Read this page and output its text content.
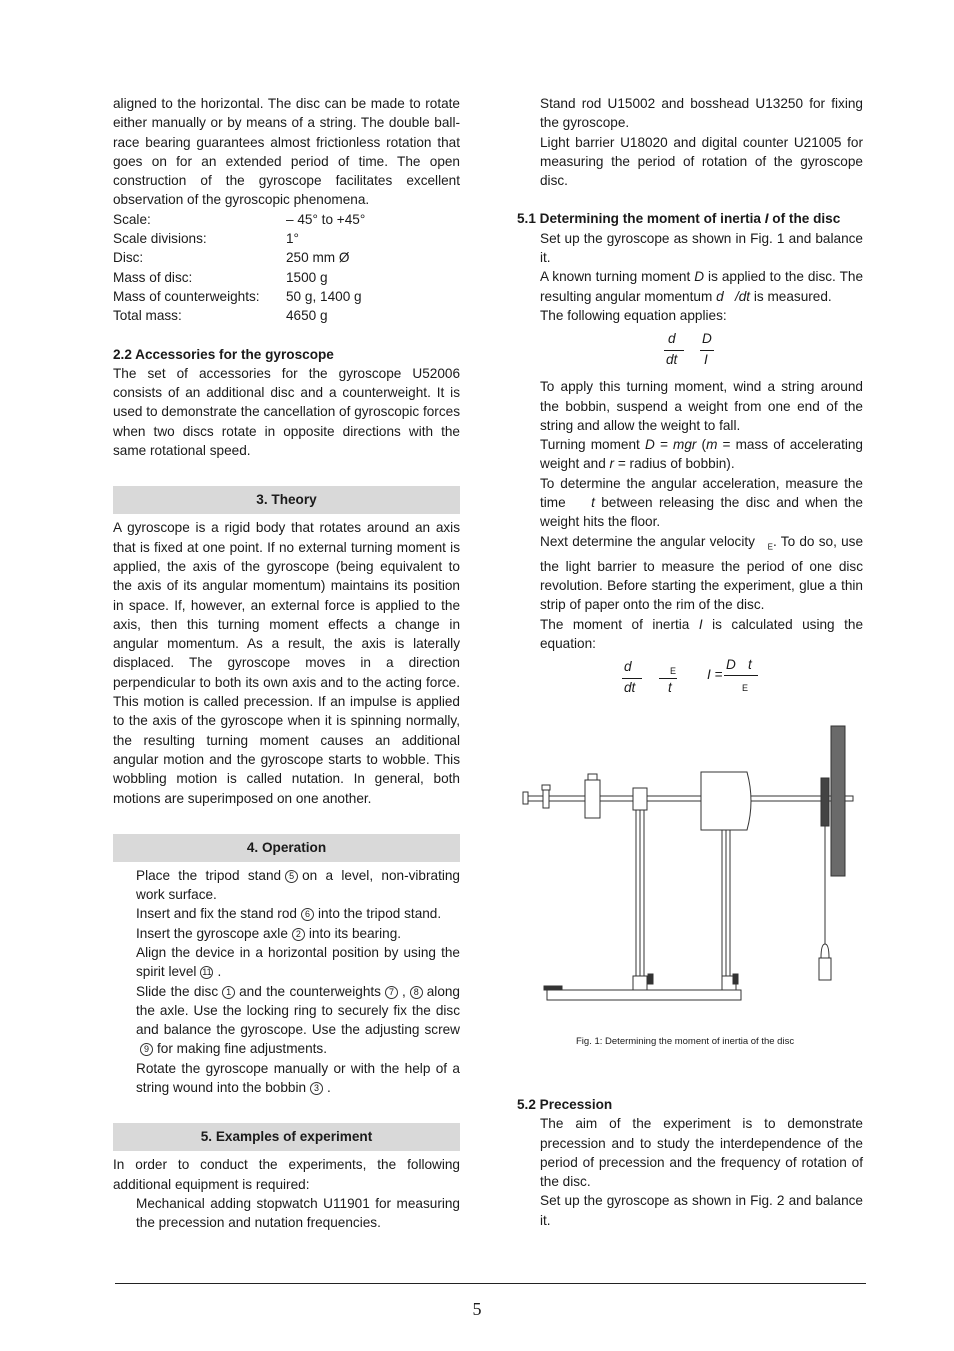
aligned to the horizontal. The disc can be made to rotate either manually or by means of a string. The double ball-race bearing guarantees almost frictionless rotation that goes on for an extended period of time. The open construction of the gyroscope facilitates excellent observation of the gyroscopic phenomena.

Scale:	– 45° to +45°
Scale divisions:	1°
Disc:	250 mm Ø
Mass of disc:	1500 g
Mass of counterweights:	50 g, 1400 g
Total mass:	4650 g
2.2 Accessories for the gyroscope

The set of accessories for the gyroscope U52006 consists of an additional disc and a counterweight. It is used to demonstrate the cancellation of gyroscopic forces when two discs rotate in opposite directions with the same rotational speed.

3. Theory

A gyroscope is a rigid body that rotates around an axis that is fixed at one point. If no external turning moment is applied, the axis of the gyroscope (being equivalent to the axis of its angular momentum) maintains its position in space. If, however, an external force is applied to the axis, then this turning moment effects a change in angular momentum. As a result, the axis is laterally displaced. The gyroscope moves in a direction perpendicular to both its own axis and to the acting force. This motion is called precession. If an impulse is applied to the axis of the gyroscope when it is spinning normally, the resulting turning moment causes an additional angular motion and the gyroscope starts to wobble. This wobbling motion is called nutation. In general, both motions are superimposed on one another.

4. Operation

Place the tripod stand 5 on a level, non-vibrating work surface.

Insert and fix the stand rod 6 into the tripod stand.

Insert the gyroscope axle 2 into its bearing.

Align the device in a horizontal position by using the spirit level 11 .

Slide the disc 1 and the counterweights 7 , 8 along the axle. Use the locking ring to securely fix the disc and balance the gyroscope. Use the adjusting screw9 for making fine adjustments.

Rotate the gyroscope manually or with the help of a string wound into the bobbin 3 .

5. Examples of experiment

In order to conduct the experiments, the following additional equipment is required:

Mechanical adding stopwatch U11901 for measuring the precession and nutation frequencies.

Stand rod U15002 and bosshead U13250 for fixing the gyroscope.

Light barrier U18020 and digital counter U21005 for measuring the period of rotation of the gyroscope disc.

5.1 Determining the moment of inertia I of the disc

Set up the gyroscope as shown in Fig. 1 and balance it.

A known turning moment D is applied to the disc. The resulting angular momentum d /dt is measured.

The following equation applies:

d
dt
D
I

To apply this turning moment, wind a string around the bobbin, suspend a weight from one end of the string and allow the weight to fall.

Turning moment D = mgr (m = mass of accelerating weight and r = radius of bobbin).

To determine the angular acceleration, measure the time    t between releasing the disc and when the weight hits the floor.

Next determine the angular velocity   $_E$. To do so, use the light barrier to measure the period of one disc revolution. Before starting the experiment, glue a thin strip of paper onto the rim of the disc.

The moment of inertia I is calculated using the equation:

d
dt
E
t
I =
D t
E
Fig. 1: Determining the moment of inertia of the disc
5.2 Precession

The aim of the experiment is to demonstrate precession and to study the interdependence of the period of precession and the frequency of rotation of the disc.

Set up the gyroscope as shown in Fig. 2 and balance it.

5
